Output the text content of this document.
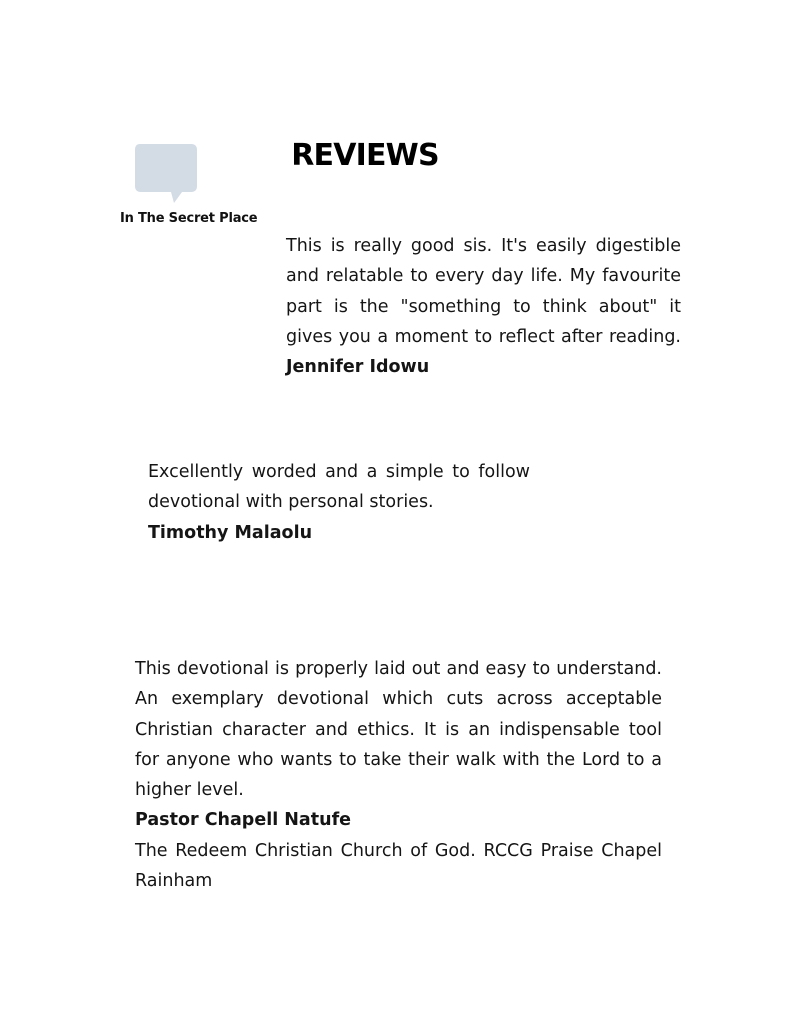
REVIEWS
In The Secret Place

This is really good sis. It's easily digestible and relatable to every day life. My favourite part is the "something to think about" it gives you a moment to reflect after reading. Jennifer Idowu

Excellently worded and a simple to follow devotional with personal stories.
Timothy Malaolu
This devotional is properly laid out and easy to understand. An exemplary devotional which cuts across acceptable Christian character and ethics. It is an indispensable tool for anyone who wants to take their walk with the Lord to a higher level.
Pastor Chapell Natufe
The Redeem Christian Church of God. RCCG Praise Chapel Rainham
